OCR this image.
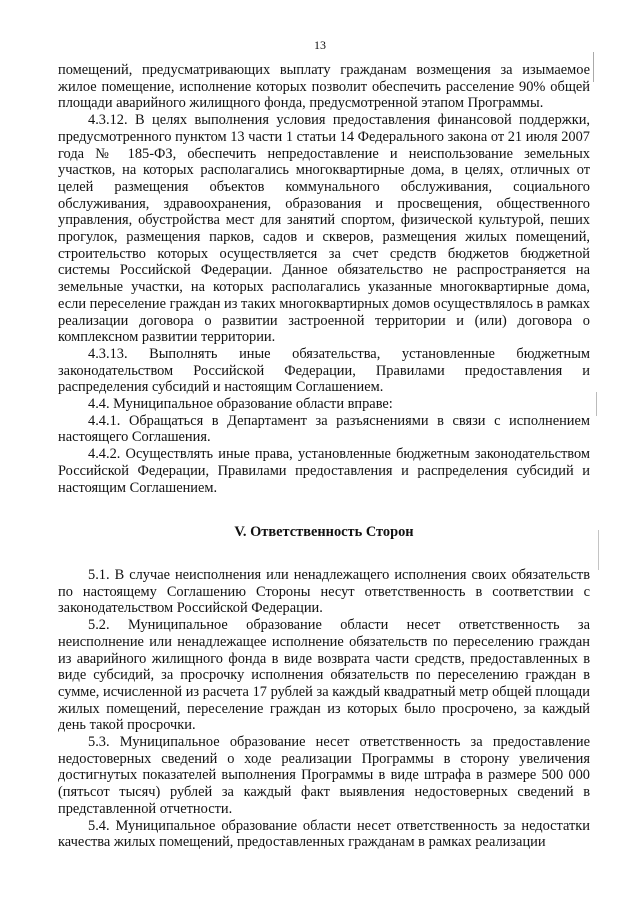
13

помещений, предусматривающих выплату гражданам возмещения за изымаемое жилое помещение, исполнение которых позволит обеспечить расселение 90% общей площади аварийного жилищного фонда, предусмотренной этапом Программы.

4.3.12. В целях выполнения условия предоставления финансовой поддержки, предусмотренного пунктом 13 части 1 статьи 14 Федерального закона от 21 июля 2007 года № 185-ФЗ, обеспечить непредоставление и неиспользование земельных участков, на которых располагались многоквартирные дома, в целях, отличных от целей размещения объектов коммунального обслуживания, социального обслуживания, здравоохранения, образования и просвещения, общественного управления, обустройства мест для занятий спортом, физической культурой, пеших прогулок, размещения парков, садов и скверов, размещения жилых помещений, строительство которых осуществляется за счет средств бюджетов бюджетной системы Российской Федерации. Данное обязательство не распространяется на земельные участки, на которых располагались указанные многоквартирные дома, если переселение граждан из таких многоквартирных домов осуществлялось в рамках реализации договора о развитии застроенной территории и (или) договора о комплексном развитии территории.

4.3.13. Выполнять иные обязательства, установленные бюджетным законодательством Российской Федерации, Правилами предоставления и распределения субсидий и настоящим Соглашением.

4.4. Муниципальное образование области вправе:

4.4.1. Обращаться в Департамент за разъяснениями в связи с исполнением настоящего Соглашения.

4.4.2. Осуществлять иные права, установленные бюджетным законодательством Российской Федерации, Правилами предоставления и распределения субсидий и настоящим Соглашением.

V. Ответственность Сторон

5.1. В случае неисполнения или ненадлежащего исполнения своих обязательств по настоящему Соглашению Стороны несут ответственность в соответствии с законодательством Российской Федерации.

5.2. Муниципальное образование области несет ответственность за неисполнение или ненадлежащее исполнение обязательств по переселению граждан из аварийного жилищного фонда в виде возврата части средств, предоставленных в виде субсидий, за просрочку исполнения обязательств по переселению граждан в сумме, исчисленной из расчета 17 рублей за каждый квадратный метр общей площади жилых помещений, переселение граждан из которых было просрочено, за каждый день такой просрочки.

5.3. Муниципальное образование несет ответственность за предоставление недостоверных сведений о ходе реализации Программы в сторону увеличения достигнутых показателей выполнения Программы в виде штрафа в размере 500 000 (пятьсот тысяч) рублей за каждый факт выявления недостоверных сведений в представленной отчетности.

5.4. Муниципальное образование области несет ответственность за недостатки качества жилых помещений, предоставленных гражданам в рамках реализации
